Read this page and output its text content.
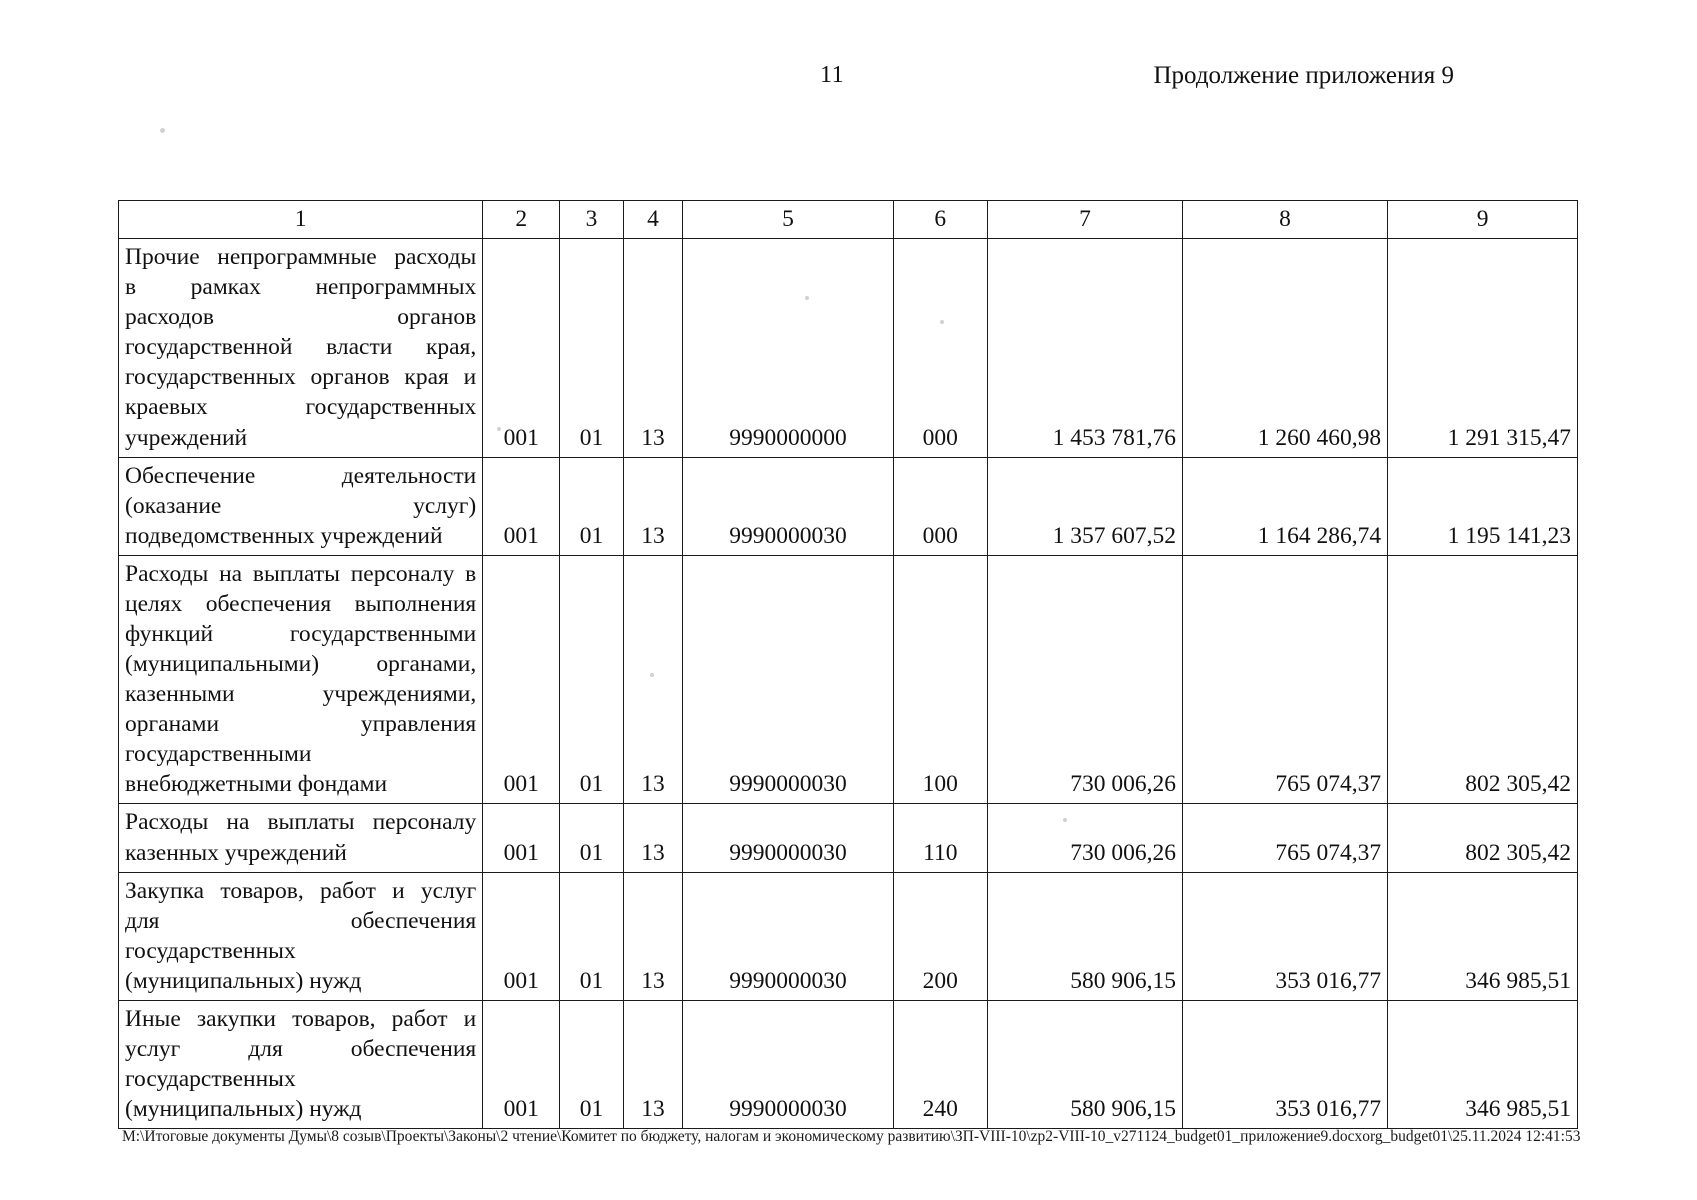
11	Продолжение приложения 9
1	2	3	4	5	6	7	8	9

Прочие непрограммные расходы
в рамках непрограммных
расходов органов
государственной власти края,
государственных органов края и
краевых государственных
учреждений	001	01	13	9990000000	000	1 453 781,76	1 260 460,98	1 291 315,47

Обеспечение деятельности
(оказание услуг)
подведомственных учреждений	001	01	13	9990000030	000	1 357 607,52	1 164 286,74	1 195 141,23

Расходы на выплаты персоналу в
целях обеспечения выполнения
функций государственными
(муниципальными) органами,
казенными учреждениями,
органами управления
государственными
внебюджетными фондами	001	01	13	9990000030	100	730 006,26	765 074,37	802 305,42

Расходы на выплаты персоналу
казенных учреждений	001	01	13	9990000030	110	730 006,26	765 074,37	802 305,42

Закупка товаров, работ и услуг
для обеспечения
государственных
(муниципальных) нужд	001	01	13	9990000030	200	580 906,15	353 016,77	346 985,51

Иные закупки товаров, работ и
услуг для обеспечения
государственных
(муниципальных) нужд	001	01	13	9990000030	240	580 906,15	353 016,77	346 985,51
М:\Итоговые документы Думы\8 созыв\Проекты\Законы\2 чтение\Комитет по бюджету, налогам и экономическому развитию\ЗП-VIII-10\zp2-VIII-10_v271124_budget01_приложение9.docxorg_budget01\25.11.2024 12:41:53
